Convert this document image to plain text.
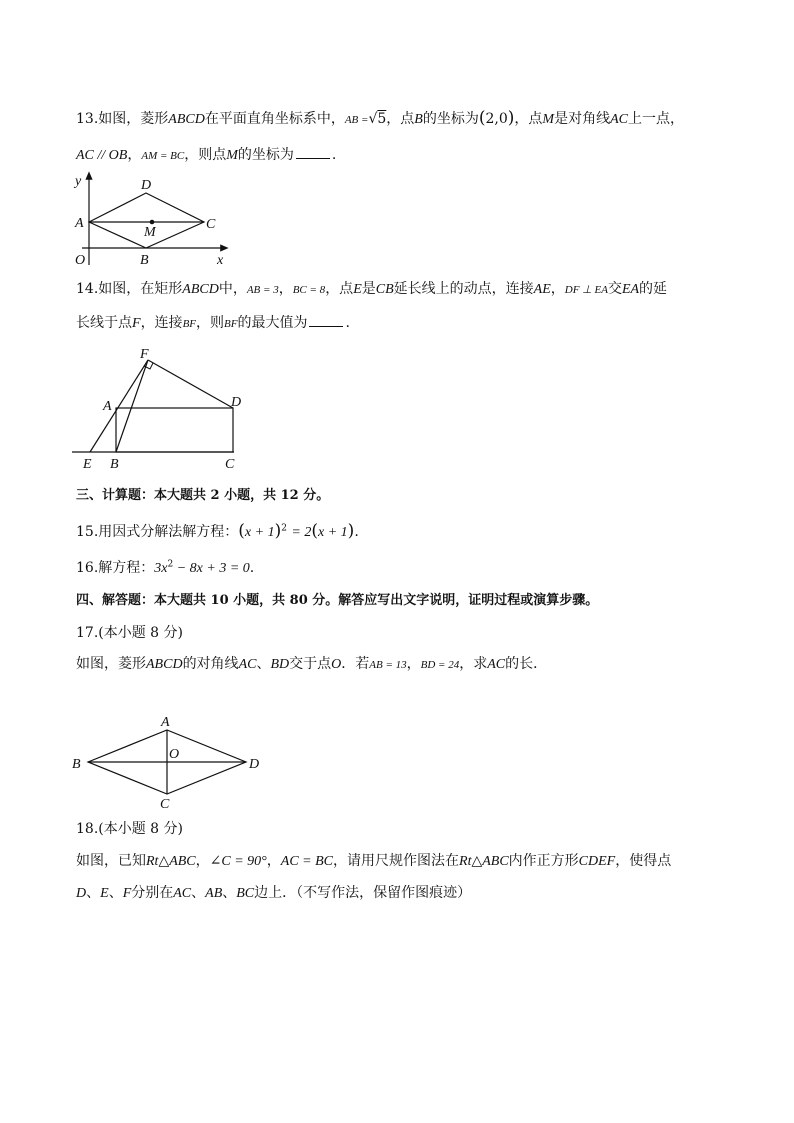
13.如图，菱形ABCD在平面直角坐标系中，AB =√5，点B的坐标为(2,0)，点M是对角线AC上一点，
AC // OB，AM = BC，则点M的坐标为	.
y
x
O
A
D
C
M
B
14.如图，在矩形ABCD中，AB = 3，BC = 8，点E是CB延长线上的动点，连接AE，DF ⊥ EA交EA的延
长线于点F，连接BF，则BF的最大值为	.
F
A	D
E B	C
三、计算题：本大题共 2 小题，共 12 分。
15.用因式分解法解方程：$(x + 1)^2 = 2(x + 1)$.
16.解方程：$3x^2 - 8x + 3 = 0$.
四、解答题：本大题共 10 小题，共 80 分。解答应写出文字说明，证明过程或演算步骤。
17.(本小题 8 分)
如图，菱形ABCD的对角线AC、BD交于点O．若AB = 13，BD = 24，求AC的长．
A
B
O
D
C
18.(本小题 8 分)
如图，已知Rt△ABC，∠C = 90°，AC = BC，请用尺规作图法在Rt△ABC内作正方形CDEF，使得点
D、E、F分别在AC、AB、BC边上．（不写作法，保留作图痕迹）
